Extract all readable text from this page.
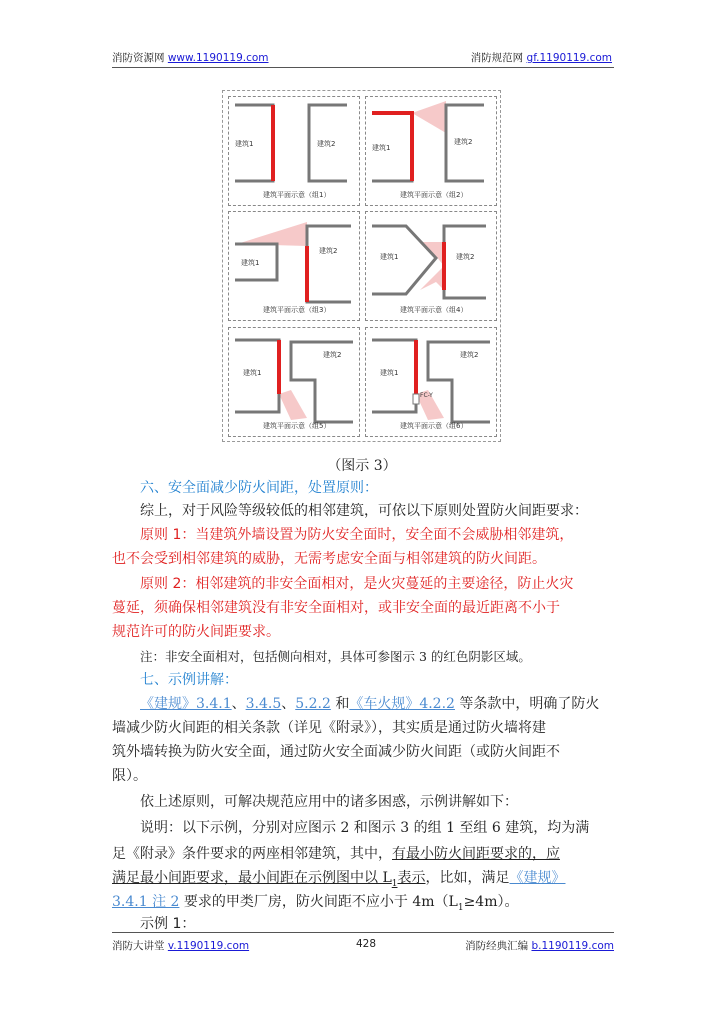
消防资源网 www.1190119.com	消防规范网 gf.1190119.com
建筑1	建筑2
建筑平面示意（组1）
建筑1
建筑2
建筑平面示意（组2）
建筑1
建筑2
建筑平面示意（组3）
建筑1	建筑2
建筑平面示意（组4）
建筑1
建筑2
建筑平面示意（组5）
建筑1
建筑2
FC-Y
建筑平面示意（组6）
（图示 3）
六、安全面减少防火间距，处置原则：
综上，对于风险等级较低的相邻建筑，可依以下原则处置防火间距要求：
原则 1：当建筑外墙设置为防火安全面时，安全面不会威胁相邻建筑，
也不会受到相邻建筑的威胁，无需考虑安全面与相邻建筑的防火间距。
原则 2：相邻建筑的非安全面相对，是火灾蔓延的主要途径，防止火灾
蔓延，须确保相邻建筑没有非安全面相对，或非安全面的最近距离不小于
规范许可的防火间距要求。
注：非安全面相对，包括侧向相对，具体可参图示 3 的红色阴影区域。
七、示例讲解：
《建规》3.4.1、3.4.5、5.2.2 和《车火规》4.2.2 等条款中，明确了防火
墙减少防火间距的相关条款（详见《附录》），其实质是通过防火墙将建
筑外墙转换为防火安全面，通过防火安全面减少防火间距（或防火间距不
限）。
依上述原则，可解决规范应用中的诸多困惑，示例讲解如下：
说明：以下示例，分别对应图示 2 和图示 3 的组 1 至组 6 建筑，均为满
足《附录》条件要求的两座相邻建筑，其中，有最小防火间距要求的，应
满足最小间距要求，最小间距在示例图中以 $L_1$表示，比如，满足《建规》
3.4.1 注 2 要求的甲类厂房，防火间距不应小于 $4m(L_1\ge 4m)$。
示例 1：
消防大讲堂 v.1190119.com	428	消防经典汇编 b.1190119.com
